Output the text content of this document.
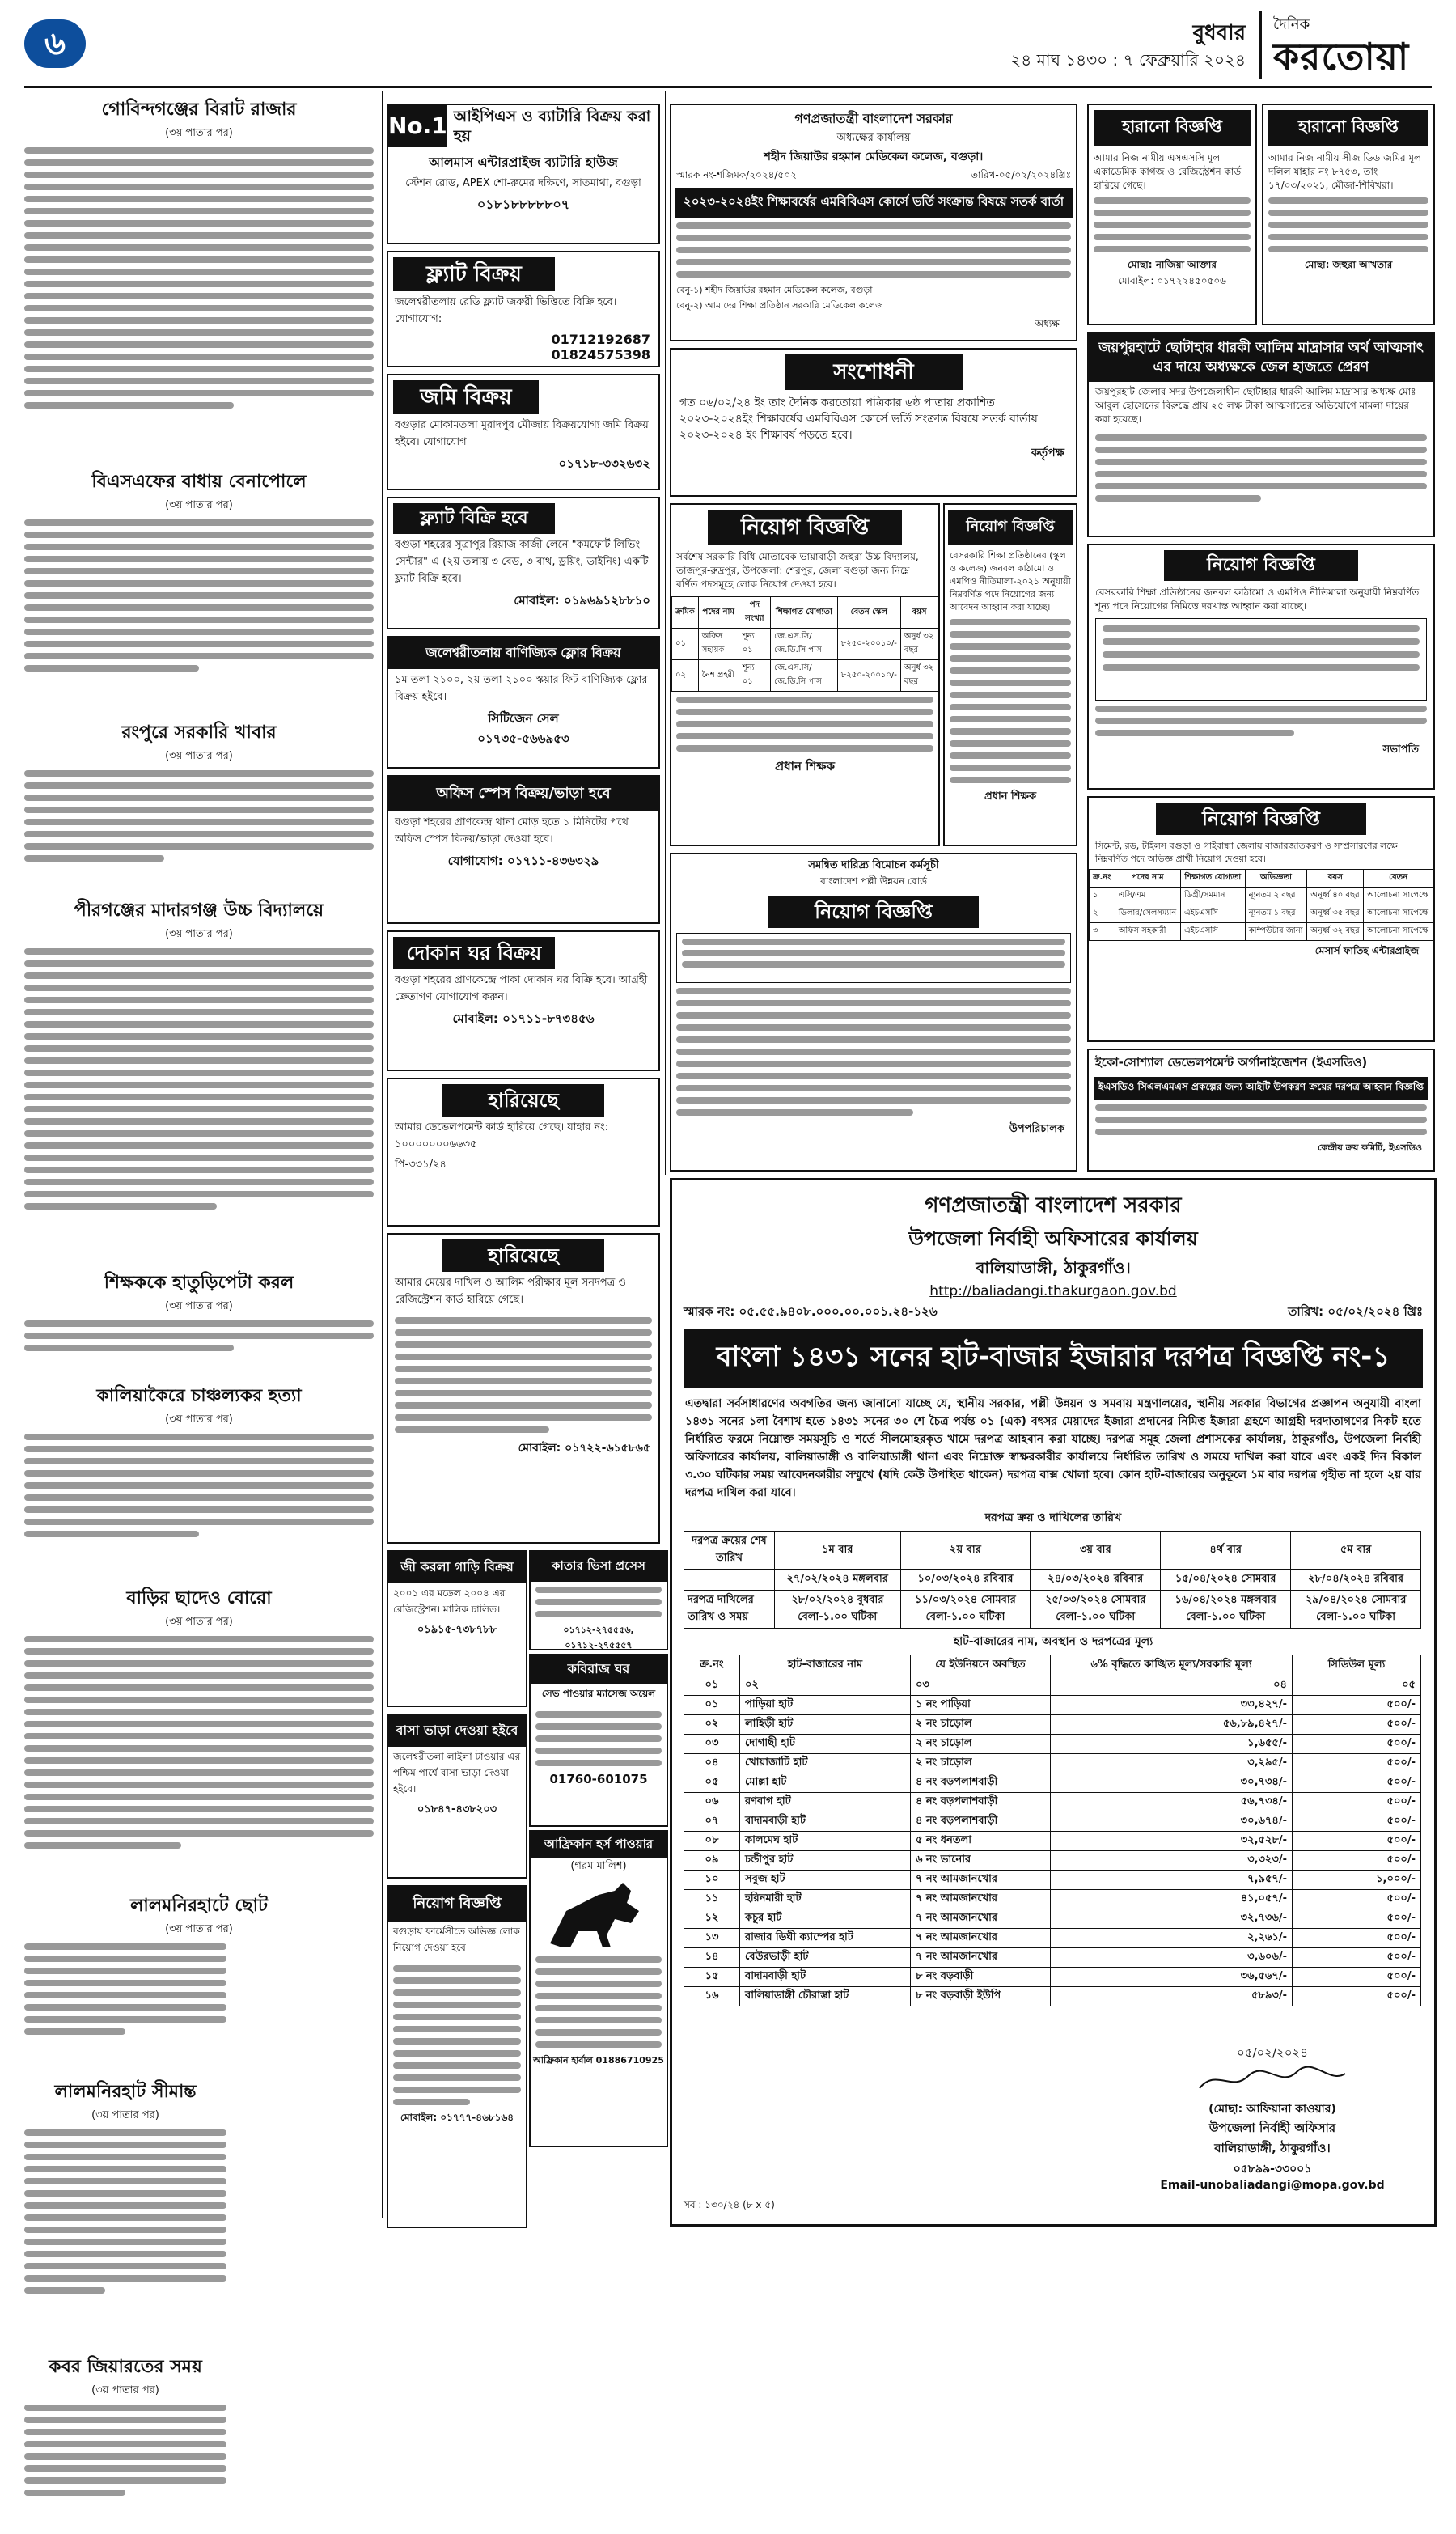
৬	বুধবার
২৪ মাঘ ১৪৩০ : ৭ ফেব্রুয়ারি ২০২৪
দৈনিক
করতোয়া
গোবিন্দগঞ্জের বিরাট রাজার
(৩য় পাতার পর)
বিএসএফের বাধায় বেনাপোলে
(৩য় পাতার পর)
রংপুরে সরকারি খাবার
(৩য় পাতার পর)
পীরগঞ্জের মাদারগঞ্জ উচ্চ বিদ্যালয়ে
(৩য় পাতার পর)
শিক্ষককে হাতুড়িপেটা করল
(৩য় পাতার পর)
কালিয়াকৈরে চাঞ্চল্যকর হত্যা
(৩য় পাতার পর)
বাড়ির ছাদেও বোরো
(৩য় পাতার পর)
লালমনিরহাটে ছোট
(৩য় পাতার পর)
লালমনিরহাট সীমান্ত
(৩য় পাতার পর)
কবর জিয়ারতের সময়
(৩য় পাতার পর)
No.1 আইপিএস ও ব্যাটারি বিক্রয় করা হয়
আলমাস এন্টারপ্রাইজ ব্যাটারি হাউজ
স্টেশন রোড, APEX শো-রুমের দক্ষিণে, সাতমাথা, বগুড়া
০১৮১৮৮৮৮৮০৭
ফ্ল্যাট বিক্রয়
জলেশ্বরীতলায় রেডি ফ্ল্যাট জরুরী ভিত্তিতে বিক্রি হবে। যোগাযোগ:
01712192687
01824575398
জমি বিক্রয়
বগুড়ার মোকামতলা মুরাদপুর মৌজায় বিক্রয়যোগ্য জমি বিক্রয় হইবে। যোগাযোগ
০১৭১৮-৩৩২৬৩২
ফ্ল্যাট বিক্রি হবে
বগুড়া শহরের সুত্রাপুর রিয়াজ কাজী লেনে "কমফোর্ট লিভিং সেন্টার" এ (২য় তলায় ৩ বেড, ৩ বাথ, ড্রয়িং, ডাইনিং) একটি ফ্ল্যাট বিক্রি হবে।
মোবাইল: ০১৯৬৯১২৮৮১০
জলেশ্বরীতলায় বাণিজ্যিক ফ্লোর বিক্রয়
১ম তলা ২১০০, ২য় তলা ২১০০ স্কয়ার ফিট বাণিজ্যিক ফ্লোর বিক্রয় হইবে।
সিটিজেন সেল
০১৭৩৫-৫৬৬৯৫৩
অফিস স্পেস বিক্রয়/ভাড়া হবে
বগুড়া শহরের প্রাণকেন্দ্র থানা মোড় হতে ১ মিনিটের পথে অফিস স্পেস বিক্রয়/ভাড়া দেওয়া হবে।
যোগাযোগ: ০১৭১১-৪৩৬৩২৯
দোকান ঘর বিক্রয়
বগুড়া শহরের প্রাণকেন্দ্রে পাকা দোকান ঘর বিক্রি হবে। আগ্রহী ক্রেতাগণ যোগাযোগ করুন।
মোবাইল: ০১৭১১-৮৭৩৪৫৬
হারিয়েছে
আমার ডেভেলপমেন্ট কার্ড হারিয়ে গেছে। যাহার নং: ১০০০০০০০৬৬৩৫
পি-৩৩১/২৪
হারিয়েছে
আমার মেয়ের দাখিল ও আলিম পরীক্ষার মূল সনদপত্র ও রেজিস্ট্রেশন কার্ড হারিয়ে গেছে।
মোবাইল: ০১৭২২-৬১৫৮৬৫
জী করলা গাড়ি বিক্রয়
২০০১ এর মডেল ২০০৪ এর রেজিস্ট্রেশন। মালিক চালিত।
০১৯১৫-৭৩৮৭৮৮
বাসা ভাড়া দেওয়া হইবে
জলেশ্বরীতলা লাইলা টাওয়ার এর পশ্চিম পার্শ্বে বাসা ভাড়া দেওয়া হইবে।
০১৮৪৭-৪৩৮২০৩
নিয়োগ বিজ্ঞপ্তি
বগুড়ায় ফার্মেসীতে অভিজ্ঞ লোক নিয়োগ দেওয়া হবে।
মোবাইল: ০১৭৭৭-৪৬৮১৬৪
কাতার ভিসা প্রসেস
০১৭১২-২৭৫৫৫৬, ০১৭১২-২৭৫৫৫৭
কবিরাজ ঘর
সেভ পাওয়ার ম্যাসেজ অয়েল
01760-601075
আফ্রিকান হর্স পাওয়ার
(গরম মালিশ)
আফ্রিকান হার্বাল 01886710925
গণপ্রজাতন্ত্রী বাংলাদেশ সরকার
অধ্যক্ষের কার্যালয়
শহীদ জিয়াউর রহমান মেডিকেল কলেজ, বগুড়া।
স্মারক নং-শজিমক/২০২৪/৫০২	তারিখ-০৫/০২/২০২৪খ্রিঃ
২০২৩-২০২৪ইং শিক্ষাবর্ষের এমবিবিএস কোর্সে ভর্তি সংক্রান্ত বিষয়ে সতর্ক বার্তা
বেনু-১) শহীদ জিয়াউর রহমান মেডিকেল কলেজ, বগুড়া
বেনু-২) আমাদের শিক্ষা প্রতিষ্ঠান সরকারি মেডিকেল কলেজ
অধ্যক্ষ
সংশোধনী
গত ০৬/০২/২৪ ইং তাং দৈনিক করতোয়া পত্রিকার ৬ষ্ঠ পাতায় প্রকাশিত ২০২৩-২০২৪ইং শিক্ষাবর্ষের এমবিবিএস কোর্সে ভর্তি সংক্রান্ত বিষয়ে সতর্ক বার্তায় ২০২৩-২০২৪ ইং শিক্ষাবর্ষ পড়তে হবে।
কর্তৃপক্ষ
নিয়োগ বিজ্ঞপ্তি
সর্বশেষ সরকারি বিধি মোতাবেক ভায়াবাড়ী জহুরা উচ্চ বিদ্যালয়, তাজপুর-রুদ্রপুর, উপজেলা: শেরপুর, জেলা বগুড়া জন্য নিম্নে বর্ণিত পদসমূহে লোক নিয়োগ দেওয়া হবে।
ক্রমিক	পদের নাম	পদ সংখ্যা	শিক্ষাগত যোগ্যতা	বেতন স্কেল	বয়স
০১	অফিস সহায়ক	শূন্য ০১	জে.এস.সি/জে.ডি.সি পাস	৮২৫০-২০০১০/-	অনুর্ধ ৩২ বছর
০২	নৈশ প্রহরী	শূন্য ০১	জে.এস.সি/জে.ডি.সি পাস	৮২৫০-২০০১০/-	অনুর্ধ ৩২ বছর
প্রধান শিক্ষক
নিয়োগ বিজ্ঞপ্তি
বেসরকারি শিক্ষা প্রতিষ্ঠানের (স্কুল ও কলেজ) জনবল কাঠামো ও এমপিও নীতিমালা-২০২১ অনুযায়ী নিম্নবর্ণিত পদে নিয়োগের জন্য আবেদন আহ্বান করা যাচ্ছে।
প্রধান শিক্ষক
সমন্বিত দারিদ্র্য বিমোচন কর্মসূচী
বাংলাদেশ পল্লী উন্নয়ন বোর্ড
নিয়োগ বিজ্ঞপ্তি
উপপরিচালক
হারানো বিজ্ঞপ্তি
আমার নিজ নামীয় এসএসসি মূল একাডেমিক কাগজ ও রেজিস্ট্রেশন কার্ড হারিয়ে গেছে।
মোছা: নাজিয়া আক্তার
মোবাইল: ০১৭২২৪৫০৫০৬
হারানো বিজ্ঞপ্তি
আমার নিজ নামীয় সীজ ডিড জমির মূল দলিল যাহার নং-৮৭৫৩, তাং ১৭/০৩/২০২১, মৌজা-শিবিখরা।
মোছা: জহুরা আখতার
জয়পুরহাটে ছোটাহার ধারকী আলিম মাদ্রাসার অর্থ আত্মসাৎ এর দায়ে অধ্যক্ষকে জেল হাজতে প্রেরণ
জয়পুরহাট জেলার সদর উপজেলাধীন ছোটাহার ধারকী আলিম মাদ্রাসার অধ্যক্ষ মোঃ আবুল হোসেনের বিরুদ্ধে প্রায় ২৫ লক্ষ টাকা আত্মসাতের অভিযোগে মামলা দায়ের করা হয়েছে।
নিয়োগ বিজ্ঞপ্তি
বেসরকারি শিক্ষা প্রতিষ্ঠানের জনবল কাঠামো ও এমপিও নীতিমালা অনুযায়ী নিম্নবর্ণিত শূন্য পদে নিয়োগের নিমিত্তে দরখাস্ত আহ্বান করা যাচ্ছে।
সভাপতি
নিয়োগ বিজ্ঞপ্তি
সিমেন্ট, রড, টাইলস বগুড়া ও গাইবান্ধা জেলায় বাজারজাতকরণ ও সম্প্রসারণের লক্ষে নিম্নবর্ণিত পদে অভিজ্ঞ প্রার্থী নিয়োগ দেওয়া হবে।
ক্র.নং	পদের নাম	শিক্ষাগত যোগ্যতা	অভিজ্ঞতা	বয়স	বেতন
১	এসি/এম	ডিগ্রী/সমমান	ন্যূনতম ২ বছর	অনূর্ধ্ব ৪০ বছর	আলোচনা সাপেক্ষে
২	ডিলার/সেলসম্যান	এইচএসসি	ন্যূনতম ১ বছর	অনূর্ধ্ব ৩৫ বছর	আলোচনা সাপেক্ষে
৩	অফিস সহকারী	এইচএসসি	কম্পিউটার জানা	অনূর্ধ্ব ৩২ বছর	আলোচনা সাপেক্ষে
মেসার্স ফাতিহ এন্টারপ্রাইজ
ইকো-সোশ্যাল ডেভেলপমেন্ট অর্গানাইজেশন (ইএসডিও)
ইএসডিও সিএলএমএস প্রকল্পের জন্য আইটি উপকরণ ক্রয়ের দরপত্র আহ্বান বিজ্ঞপ্তি
কেন্দ্রীয় ক্রয় কমিটি, ইএসডিও
গণপ্রজাতন্ত্রী বাংলাদেশ সরকার
উপজেলা নির্বাহী অফিসারের কার্যালয়
বালিয়াডাঙ্গী, ঠাকুরগাঁও।
http://baliadangi.thakurgaon.gov.bd
স্মারক নং: ০৫.৫৫.৯৪০৮.০০০.০০.০০১.২৪-১২৬	তারিখ: ০৫/০২/২০২৪ খ্রিঃ
বাংলা ১৪৩১ সনের হাট-বাজার ইজারার দরপত্র বিজ্ঞপ্তি নং-১
এতদ্বারা সর্বসাধারণের অবগতির জন্য জানানো যাচ্ছে যে, স্থানীয় সরকার, পল্লী উন্নয়ন ও সমবায় মন্ত্রণালয়ের, স্থানীয় সরকার বিভাগের প্রজ্ঞাপন অনুযায়ী বাংলা ১৪৩১ সনের ১লা বৈশাখ হতে ১৪৩১ সনের ৩০ শে চৈত্র পর্যন্ত ০১ (এক) বৎসর মেয়াদের ইজারা প্রদানের নিমিত্ত ইজারা গ্রহণে আগ্রহী দরদাতাগণের নিকট হতে নির্ধারিত ফরমে নিম্নোক্ত সময়সূচি ও শর্তে সীলমোহরকৃত খামে দরপত্র আহবান করা যাচ্ছে। দরপত্র সমূহ জেলা প্রশাসকের কার্যালয়, ঠাকুরগাঁও, উপজেলা নির্বাহী অফিসারের কার্যালয়, বালিয়াডাঙ্গী ও বালিয়াডাঙ্গী থানা এবং নিম্নোক্ত স্বাক্ষরকারীর কার্যালয়ে নির্ধারিত তারিখ ও সময়ে দাখিল করা যাবে এবং একই দিন বিকাল ৩.৩০ ঘটিকার সময় আবেদনকারীর সম্মুখে (যদি কেউ উপস্থিত থাকেন) দরপত্র বাক্স খোলা হবে। কোন হাট-বাজারের অনুকূলে ১ম বার দরপত্র গৃহীত না হলে ২য় বার দরপত্র দাখিল করা যাবে।
দরপত্র ক্রয় ও দাখিলের তারিখ
দরপত্র ক্রয়ের শেষ তারিখ	১ম বার	২য় বার	৩য় বার	৪র্থ বার	৫ম বার
	২৭/০২/২০২৪ মঙ্গলবার	১০/০৩/২০২৪ রবিবার	২৪/০৩/২০২৪ রবিবার	১৫/০৪/২০২৪ সোমবার	২৮/০৪/২০২৪ রবিবার
দরপত্র দাখিলের তারিখ ও সময়	২৮/০২/২০২৪ বুধবার বেলা-১.০০ ঘটিকা	১১/০৩/২০২৪ সোমবার বেলা-১.০০ ঘটিকা	২৫/০৩/২০২৪ সোমবার বেলা-১.০০ ঘটিকা	১৬/০৪/২০২৪ মঙ্গলবার বেলা-১.০০ ঘটিকা	২৯/০৪/২০২৪ সোমবার বেলা-১.০০ ঘটিকা
হাট-বাজারের নাম, অবস্থান ও দরপত্রের মূল্য
ক্র.নং	হাট-বাজারের নাম	যে ইউনিয়নে অবস্থিত	৬% বৃদ্ধিতে কাঙ্খিত মূল্য/সরকারি মূল্য	সিডিউল মূল্য
০১	০২	০৩	০৪	০৫
০১	পাড়িয়া হাট	১ নং পাড়িয়া	৩৩,৪২৭/-	৫০০/-
০২	লাহিড়ী হাট	২ নং চাড়োল	৫৬,৮৯,৪২৭/-	৫০০/-
০৩	দোগাছী হাট	২ নং চাড়োল	১,৬৫৫/-	৫০০/-
০৪	খোয়াজাটি হাট	২ নং চাড়োল	৩,২৯৫/-	৫০০/-
০৫	মোল্লা হাট	৪ নং বড়পলাশবাড়ী	৩০,৭৩৪/-	৫০০/-
০৬	রণবাগ হাট	৪ নং বড়পলাশবাড়ী	৫৬,৭৩৪/-	৫০০/-
০৭	বাদামবাড়ী হাট	৪ নং বড়পলাশবাড়ী	৩০,৬৭৪/-	৫০০/-
০৮	কালমেঘ হাট	৫ নং ধনতলা	৩২,৫২৮/-	৫০০/-
০৯	চন্ডীপুর হাট	৬ নং ভানোর	৩,৩২৩/-	৫০০/-
১০	সবুজ হাট	৭ নং আমজানখোর	৭,৯৫৭/-	১,০০০/-
১১	হরিনমারী হাট	৭ নং আমজানখোর	৪১,০৫৭/-	৫০০/-
১২	কচুর হাট	৭ নং আমজানখোর	৩২,৭৩৬/-	৫০০/-
১৩	রাজার ডিঘী ক্যাম্পের হাট	৭ নং আমজানখোর	২,২৬১/-	৫০০/-
১৪	বেউরভাড়ী হাট	৭ নং আমজানখোর	৩,৬০৬/-	৫০০/-
১৫	বাদামবাড়ী হাট	৮ নং বড়বাড়ী	৩৬,৫৬৭/-	৫০০/-
১৬	বালিয়াডাঙ্গী চৌরাস্তা হাট	৮ নং বড়বাড়ী ইউপি	৫৮৯৩/-	৫০০/-
০৫/০২/২০২৪
(মোছা: আফিয়ানা কাওয়ার)
উপজেলা নির্বাহী অফিসার
বালিয়াডাঙ্গী, ঠাকুরগাঁও।
০৫৮৯৯-৩৩০০১
Email-unobaliadangi@mopa.gov.bd
সব : ১৩০/২৪ (৮ x ৫)
